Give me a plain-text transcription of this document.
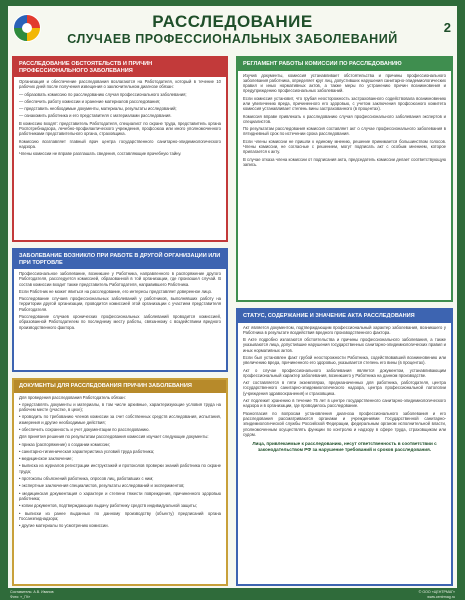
РАССЛЕДОВАНИЕ
СЛУЧАЕВ ПРОФЕССИОНАЛЬНЫХ ЗАБОЛЕВАНИЙ
2
РАССЛЕДОВАНИЕ ОБСТОЯТЕЛЬСТВ И ПРИЧИН ПРОФЕССИОНАЛЬНОГО ЗАБОЛЕВАНИЯ

Организация и обеспечение расследования возлагаются на Работодателя, который в течение 10 рабочих дней после получения извещения о заключительном диагнозе обязан:

— образовать комиссию по расследованию случая профессионального заболевания;

— обеспечить работу комиссии и хранение материалов расследования;

— представить необходимые документы, материалы, результаты исследований;

— ознакомить работника и его представителя с материалами расследования.

В комиссию входят: представитель Работодателя, специалист по охране труда, представитель органа Роспотребнадзора, лечебно-профилактического учреждения, профсоюза или иного уполномоченного работниками представительного органа, страховщика.

Комиссию возглавляет главный врач центра государственного санитарно-эпидемиологического надзора.

Члены комиссии не вправе разглашать сведения, составляющие врачебную тайну.

РЕГЛАМЕНТ РАБОТЫ КОМИССИИ ПО РАССЛЕДОВАНИЮ

Изучив документы, комиссия устанавливает обстоятельства и причины профессионального заболевания работника, определяет круг лиц, допустивших нарушения санитарно-эпидемиологических правил и иных нормативных актов, а также меры по устранению причин возникновения и предупреждению профессиональных заболеваний.

Если комиссия установит, что грубая неосторожность застрахованного содействовала возникновению или увеличению вреда, причиненного его здоровью, с учетом заключения профсоюзного комитета комиссия устанавливает степень вины застрахованного (в процентах).

Комиссия вправе привлекать к расследованию случая профессионального заболевания экспертов и специалистов.

По результатам расследования комиссия составляет акт о случае профессионального заболевания в пятидневный срок по истечении срока расследования.

Если члены комиссии не пришли к единому мнению, решение принимается большинством голосов. Члены комиссии, не согласные с решением, могут подписать акт с особым мнением, которое прилагается к акту.

В случае отказа члена комиссии от подписания акта, председатель комиссии делает соответствующую запись.

ЗАБОЛЕВАНИЕ ВОЗНИКЛО ПРИ РАБОТЕ В ДРУГОЙ ОРГАНИЗАЦИИ ИЛИ ПРИ ТОРГОВЛЕ

Профессиональное заболевание, возникшее у Работника, направленного в распоряжение другого Работодателя, расследуется комиссией, образованной в той организации, где произошел случай. В состав комиссии входит также представитель Работодателя, направившего Работника.

Если Работник не может явиться на расследование, его интересы представляет доверенное лицо.

Расследование случаев профессиональных заболеваний у работников, выполнявших работу на территории другой организации, проводится комиссией этой организации с участием представителя Работодателя.

Расследование случаев хронических профессиональных заболеваний проводится комиссией, образованной Работодателем по последнему месту работы, связанному с воздействием вредного производственного фактора.

ДОКУМЕНТЫ ДЛЯ РАССЛЕДОВАНИЯ ПРИЧИН ЗАБОЛЕВАНИЯ

Для проведения расследования Работодатель обязан:

• представлять документы и материалы, в том числе архивные, характеризующие условия труда на рабочем месте (участке, в цехе);

• проводить по требованию членов комиссии за счет собственных средств исследования, испытания, измерения и другие необходимые действия;

• обеспечить сохранность и учет документации по расследованию.

Для принятия решения по результатам расследования комиссия изучает следующие документы:

• приказ (распоряжение) о создании комиссии;

• санитарно-гигиеническая характеристика условий труда работника;

• медицинское заключение;

• выписка из журналов регистрации инструктажей и протоколов проверки знаний работника по охране труда;

• протоколы объяснений работника, опросов лиц, работавших с ним;

• экспертные заключения специалистов, результаты исследований и экспериментов;

• медицинская документация о характере и степени тяжести повреждения, причиненного здоровью работника;

• копии документов, подтверждающих выдачу работнику средств индивидуальной защиты;

• выписки из ранее выданных по данному производству (объекту) предписаний органа Госсанэпиднадзора;

• другие материалы по усмотрению комиссии.

СТАТУС, СОДЕРЖАНИЕ И ЗНАЧЕНИЕ АКТА РАССЛЕДОВАНИЯ

Акт является документом, подтверждающим профессиональный характер заболевания, возникшего у Работника в результате воздействия вредного производственного фактора.

В Акте подробно излагаются обстоятельства и причины профессионального заболевания, а также указываются лица, допустившие нарушения государственных санитарно-эпидемиологических правил и иных нормативных актов.

Если был установлен факт грубой неосторожности Работника, содействовавшей возникновению или увеличению вреда, причиненного его здоровью, указывается степень его вины (в процентах).

Акт о случае профессионального заболевания является документом, устанавливающим профессиональный характер заболевания, возникшего у Работника на данном производстве.

Акт составляется в пяти экземплярах, предназначенных для работника, работодателя, центра государственного санитарно-эпидемиологического надзора, центра профессиональной патологии (учреждения здравоохранения) и страховщика.

Акт подлежит хранению в течение 75 лет в центре государственного санитарно-эпидемиологического надзора и в организации, где проводилось расследование.

Разногласия по вопросам установления диагноза профессионального заболевания и его расследования рассматриваются органами и учреждениями Государственной санитарно-эпидемиологической службы Российской Федерации, федеральным органом исполнительной власти, уполномоченным осуществлять функции по контролю и надзору в сфере труда, страховщиком или судом.

Лица, привлекаемые к расследованию, несут ответственность в соответствии с законодательством РФ за нарушение требований и сроков расследования.
Составитель: А.В. Иванов
Фото: «_ГК»
© ООО «ЦЕНТРМАГ»
www.centrmag.ru
